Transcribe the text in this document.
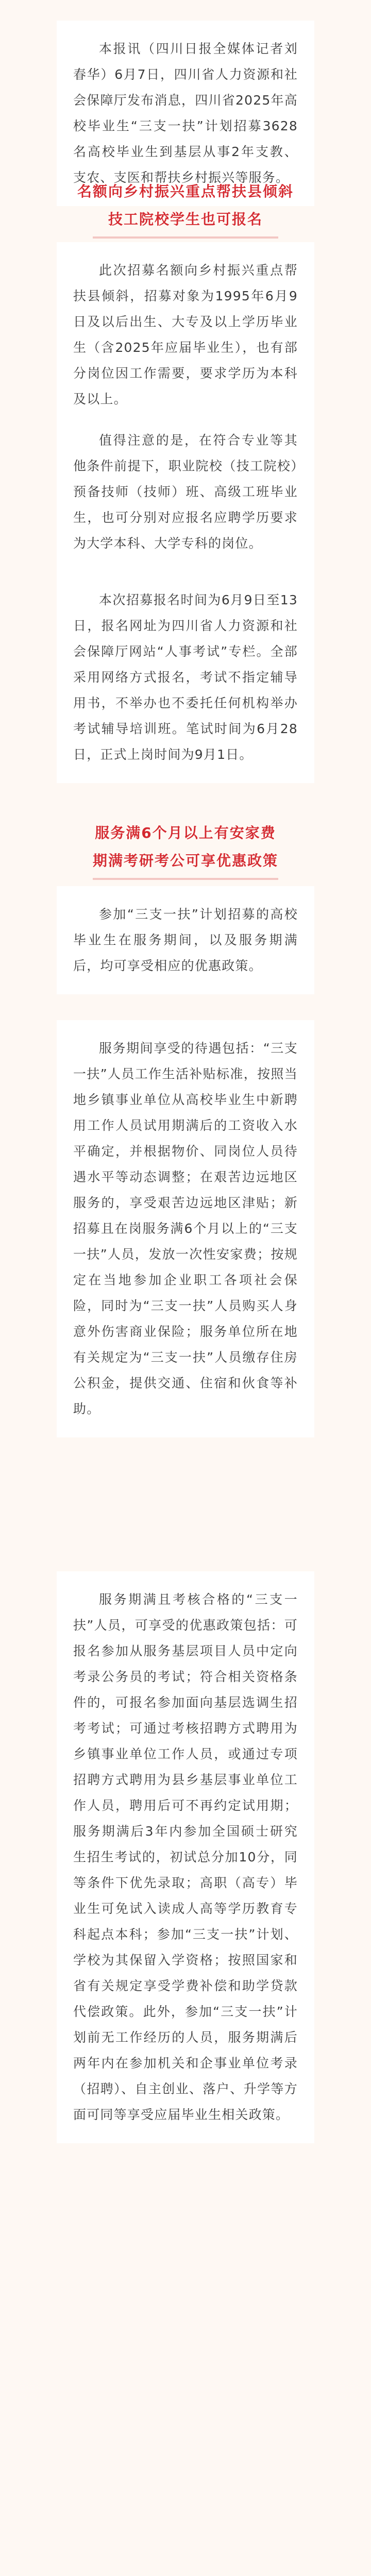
本报讯（四川日报全媒体记者刘春华）6月7日，四川省人力资源和社会保障厅发布消息，四川省2025年高校毕业生“三支一扶”计划招募3628名高校毕业生到基层从事2年支教、支农、支医和帮扶乡村振兴等服务。

名额向乡村振兴重点帮扶县倾斜
技工院校学生也可报名

此次招募名额向乡村振兴重点帮扶县倾斜，招募对象为1995年6月9日及以后出生、大专及以上学历毕业生（含2025年应届毕业生），也有部分岗位因工作需要，要求学历为本科及以上。

值得注意的是，在符合专业等其他条件前提下，职业院校（技工院校）预备技师（技师）班、高级工班毕业生，也可分别对应报名应聘学历要求为大学本科、大学专科的岗位。

本次招募报名时间为6月9日至13日，报名网址为四川省人力资源和社会保障厅网站“人事考试”专栏。全部采用网络方式报名，考试不指定辅导用书，不举办也不委托任何机构举办考试辅导培训班。笔试时间为6月28日，正式上岗时间为9月1日。

服务满6个月以上有安家费
期满考研考公可享优惠政策

参加“三支一扶”计划招募的高校毕业生在服务期间，以及服务期满后，均可享受相应的优惠政策。

服务期间享受的待遇包括：“三支一扶”人员工作生活补贴标准，按照当地乡镇事业单位从高校毕业生中新聘用工作人员试用期满后的工资收入水平确定，并根据物价、同岗位人员待遇水平等动态调整；在艰苦边远地区服务的，享受艰苦边远地区津贴；新招募且在岗服务满6个月以上的“三支一扶”人员，发放一次性安家费；按规定在当地参加企业职工各项社会保险，同时为“三支一扶”人员购买人身意外伤害商业保险；服务单位所在地有关规定为“三支一扶”人员缴存住房公积金，提供交通、住宿和伙食等补助。

服务期满且考核合格的“三支一扶”人员，可享受的优惠政策包括：可报名参加从服务基层项目人员中定向考录公务员的考试；符合相关资格条件的，可报名参加面向基层选调生招考考试；可通过考核招聘方式聘用为乡镇事业单位工作人员，或通过专项招聘方式聘用为县乡基层事业单位工作人员，聘用后可不再约定试用期；服务期满后3年内参加全国硕士研究生招生考试的，初试总分加10分，同等条件下优先录取；高职（高专）毕业生可免试入读成人高等学历教育专科起点本科；参加“三支一扶”计划、学校为其保留入学资格；按照国家和省有关规定享受学费补偿和助学贷款代偿政策。此外，参加“三支一扶”计划前无工作经历的人员，服务期满后两年内在参加机关和企事业单位考录（招聘）、自主创业、落户、升学等方面可同等享受应届毕业生相关政策。
